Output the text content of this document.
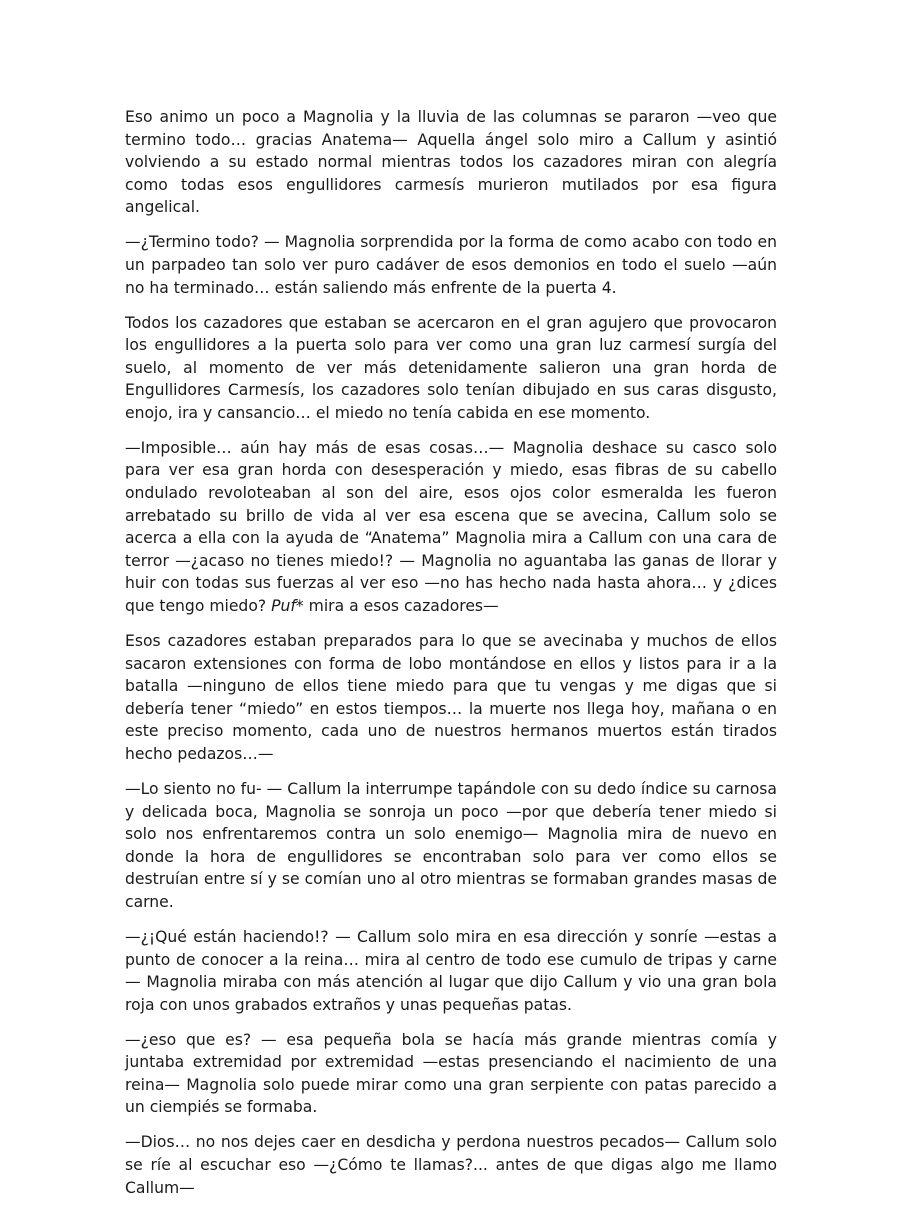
Eso animo un poco a Magnolia y la lluvia de las columnas se pararon —veo que termino todo… gracias Anatema— Aquella ángel solo miro a Callum y asintió volviendo a su estado normal mientras todos los cazadores miran con alegría como todas esos engullidores carmesís murieron mutilados por esa figura angelical.

—¿Termino todo? — Magnolia sorprendida por la forma de como acabo con todo en un parpadeo tan solo ver puro cadáver de esos demonios en todo el suelo —aún no ha terminado… están saliendo más enfrente de la puerta 4.

Todos los cazadores que estaban se acercaron en el gran agujero que provocaron los engullidores a la puerta solo para ver como una gran luz carmesí surgía del suelo, al momento de ver más detenidamente salieron una gran horda de Engullidores Carmesís, los cazadores solo tenían dibujado en sus caras disgusto, enojo, ira y cansancio… el miedo no tenía cabida en ese momento.

—Imposible… aún hay más de esas cosas…— Magnolia deshace su casco solo para ver esa gran horda con desesperación y miedo, esas fibras de su cabello ondulado revoloteaban al son del aire, esos ojos color esmeralda les fueron arrebatado su brillo de vida al ver esa escena que se avecina, Callum solo se acerca a ella con la ayuda de “Anatema” Magnolia mira a Callum con una cara de terror —¿acaso no tienes miedo!? — Magnolia no aguantaba las ganas de llorar y huir con todas sus fuerzas al ver eso —no has hecho nada hasta ahora… y ¿dices que tengo miedo? Puf* mira a esos cazadores—

Esos cazadores estaban preparados para lo que se avecinaba y muchos de ellos sacaron extensiones con forma de lobo montándose en ellos y listos para ir a la batalla —ninguno de ellos tiene miedo para que tu vengas y me digas que si debería tener “miedo” en estos tiempos… la muerte nos llega hoy, mañana o en este preciso momento, cada uno de nuestros hermanos muertos están tirados hecho pedazos…—

—Lo siento no fu- — Callum la interrumpe tapándole con su dedo índice su carnosa y delicada boca, Magnolia se sonroja un poco —por que debería tener miedo si solo nos enfrentaremos contra un solo enemigo— Magnolia mira de nuevo en donde la hora de engullidores se encontraban solo para ver como ellos se destruían entre sí y se comían uno al otro mientras se formaban grandes masas de carne.

—¿¡Qué están haciendo!? — Callum solo mira en esa dirección y sonríe —estas a punto de conocer a la reina… mira al centro de todo ese cumulo de tripas y carne— Magnolia miraba con más atención al lugar que dijo Callum y vio una gran bola roja con unos grabados extraños y unas pequeñas patas.

—¿eso que es? — esa pequeña bola se hacía más grande mientras comía y juntaba extremidad por extremidad —estas presenciando el nacimiento de una reina— Magnolia solo puede mirar como una gran serpiente con patas parecido a un ciempiés se formaba.

—Dios… no nos dejes caer en desdicha y perdona nuestros pecados— Callum solo se ríe al escuchar eso —¿Cómo te llamas?... antes de que digas algo me llamo Callum—
